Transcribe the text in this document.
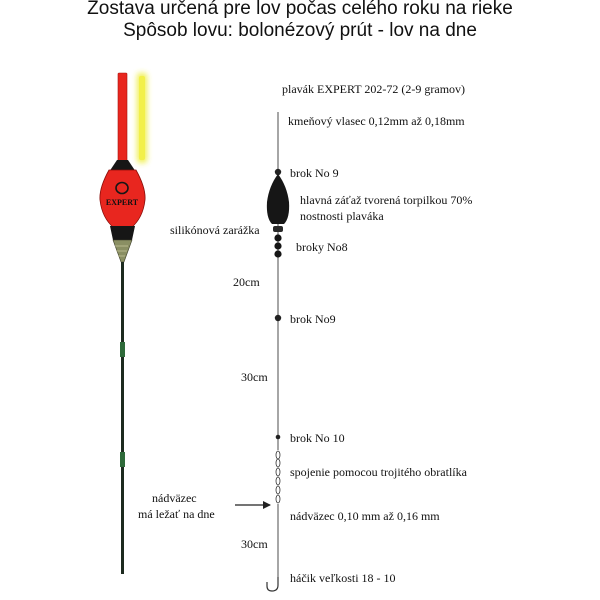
Zostava určená pre lov počas celého roku na rieke
Spôsob lovu: bolonézový prút - lov na dne
EXPERT
plavák EXPERT 202-72 (2-9 gramov)
kmeňový vlasec 0,12mm až 0,18mm
brok No 9
hlavná záťaž tvorená torpilkou 70%
nostnosti plaváka
silikónová zarážka
broky No8
20cm
brok No9
30cm
brok No 10
spojenie pomocou trojitého obratlíka
nádväzec
má ležať na dne	nádväzec 0,10 mm až 0,16 mm
30cm
háčik veľkosti 18 - 10
